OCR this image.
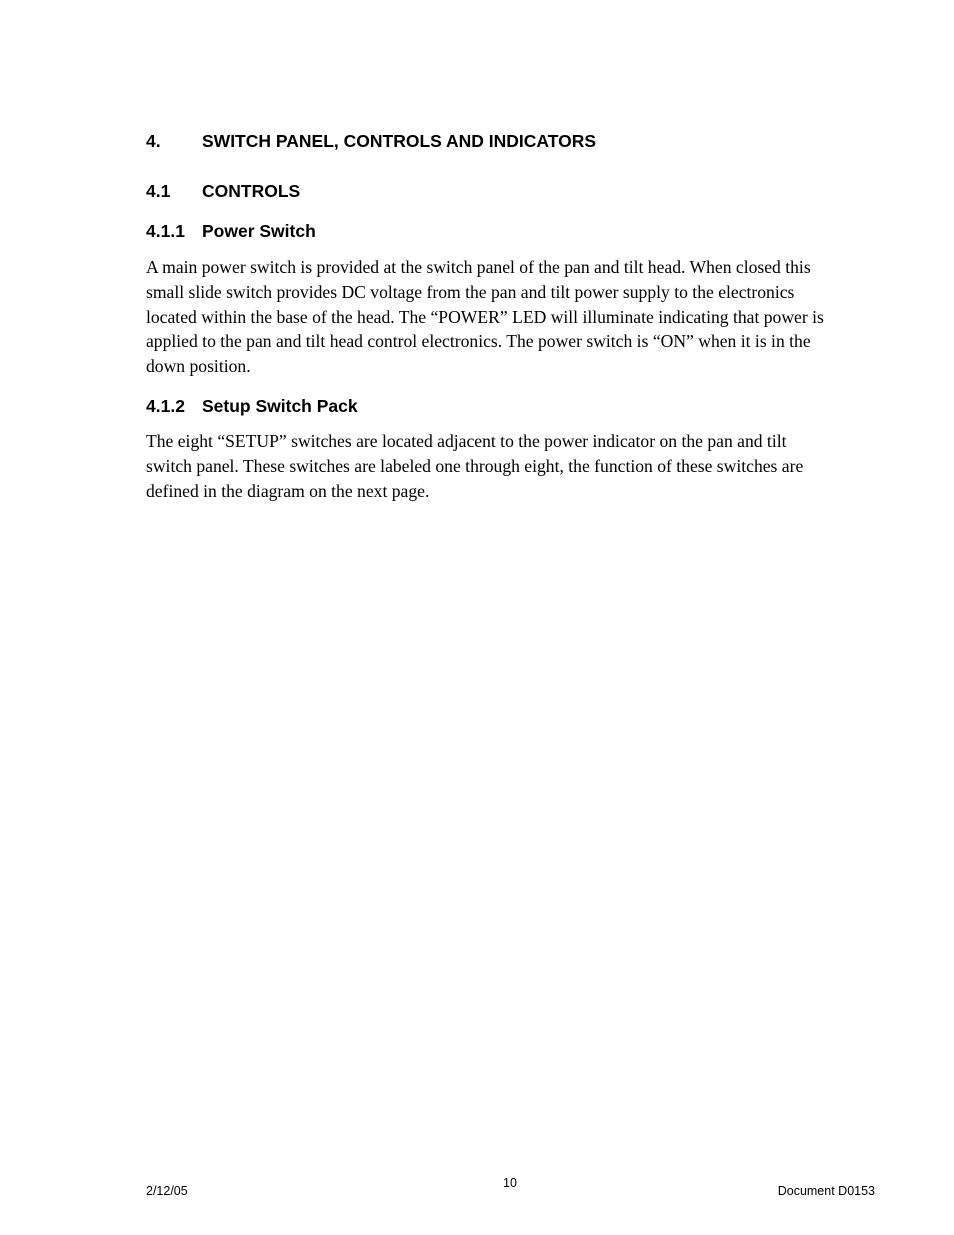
4. SWITCH PANEL, CONTROLS AND INDICATORS
4.1 CONTROLS
4.1.1 Power Switch
A main power switch is provided at the switch panel of the pan and tilt head. When closed this
small slide switch provides DC voltage from the pan and tilt power supply to the electronics
located within the base of the head. The “POWER” LED will illuminate indicating that power is
applied to the pan and tilt head control electronics. The power switch is “ON” when it is in the
down position.
4.1.2 Setup Switch Pack
The eight “SETUP” switches are located adjacent to the power indicator on the pan and tilt
switch panel. These switches are labeled one through eight, the function of these switches are
defined in the diagram on the next page.
2/12/05
10
Document D0153
